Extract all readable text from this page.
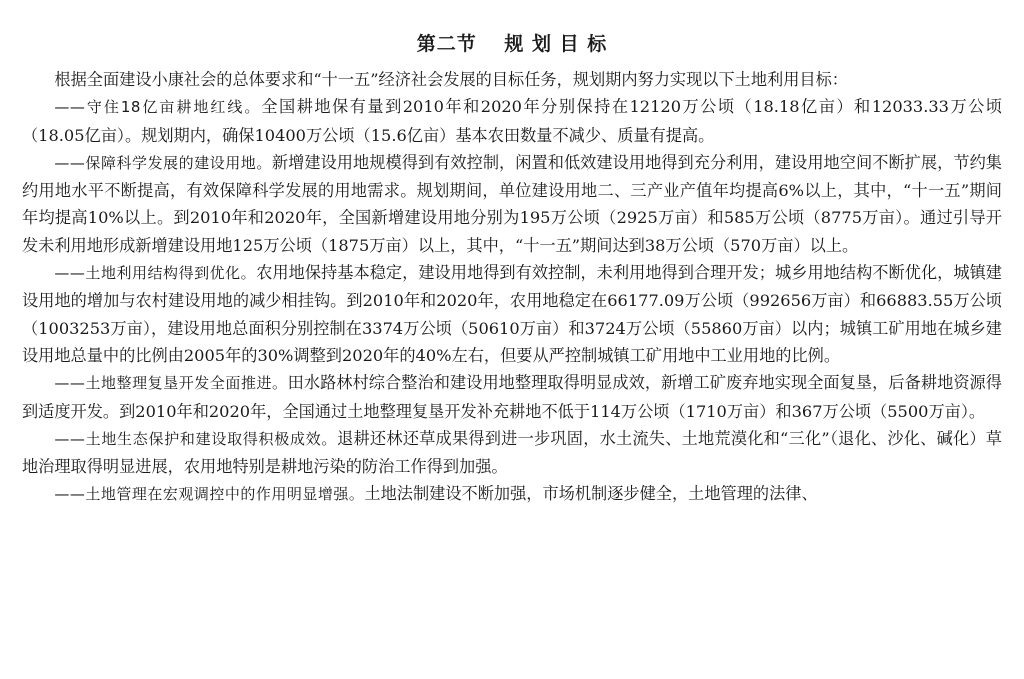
第二节　 规 划 目 标

根据全面建设小康社会的总体要求和“十一五”经济社会发展的目标任务，规划期内努力实现以下土地利用目标：

——守住18亿亩耕地红线。全国耕地保有量到2010年和2020年分别保持在12120万公顷（18.18亿亩）和12033.33万公顷（18.05亿亩）。规划期内，确保10400万公顷（15.6亿亩）基本农田数量不减少、质量有提高。

——保障科学发展的建设用地。新增建设用地规模得到有效控制，闲置和低效建设用地得到充分利用，建设用地空间不断扩展，节约集约用地水平不断提高，有效保障科学发展的用地需求。规划期间，单位建设用地二、三产业产值年均提高6%以上，其中，“十一五”期间年均提高10%以上。到2010年和2020年，全国新增建设用地分别为195万公顷（2925万亩）和585万公顷（8775万亩）。通过引导开发未利用地形成新增建设用地125万公顷（1875万亩）以上，其中，“十一五”期间达到38万公顷（570万亩）以上。

——土地利用结构得到优化。农用地保持基本稳定，建设用地得到有效控制，未利用地得到合理开发；城乡用地结构不断优化，城镇建设用地的增加与农村建设用地的减少相挂钩。到2010年和2020年，农用地稳定在66177.09万公顷（992656万亩）和66883.55万公顷（1003253万亩），建设用地总面积分别控制在3374万公顷（50610万亩）和3724万公顷（55860万亩）以内；城镇工矿用地在城乡建设用地总量中的比例由2005年的30%调整到2020年的40%左右，但要从严控制城镇工矿用地中工业用地的比例。

——土地整理复垦开发全面推进。田水路林村综合整治和建设用地整理取得明显成效，新增工矿废弃地实现全面复垦，后备耕地资源得到适度开发。到2010年和2020年，全国通过土地整理复垦开发补充耕地不低于114万公顷（1710万亩）和367万公顷（5500万亩）。

——土地生态保护和建设取得积极成效。退耕还林还草成果得到进一步巩固，水土流失、土地荒漠化和“三化”（退化、沙化、碱化）草地治理取得明显进展，农用地特别是耕地污染的防治工作得到加强。

——土地管理在宏观调控中的作用明显增强。土地法制建设不断加强，市场机制逐步健全，土地管理的法律、
